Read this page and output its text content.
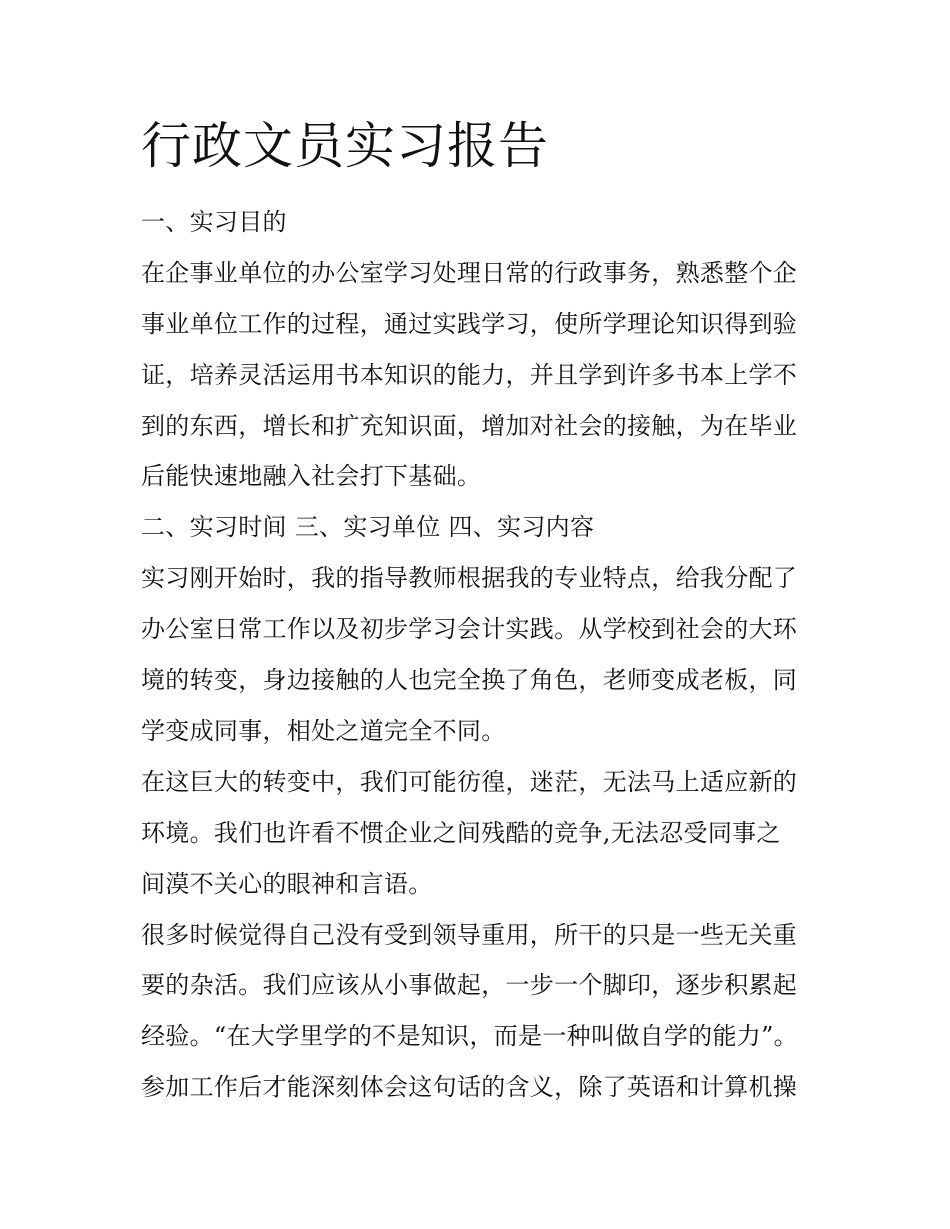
行政文员实习报告

一、实习目的

在企事业单位的办公室学习处理日常的行政事务，熟悉整个企

事业单位工作的过程，通过实践学习，使所学理论知识得到验

证，培养灵活运用书本知识的能力，并且学到许多书本上学不

到的东西，增长和扩充知识面，增加对社会的接触，为在毕业

后能快速地融入社会打下基础。

二、实习时间 三、实习单位 四、实习内容

实习刚开始时，我的指导教师根据我的专业特点，给我分配了

办公室日常工作以及初步学习会计实践。从学校到社会的大环

境的转变，身边接触的人也完全换了角色，老师变成老板，同

学变成同事，相处之道完全不同。

在这巨大的转变中，我们可能彷徨，迷茫，无法马上适应新的

环境。我们也许看不惯企业之间残酷的竞争,无法忍受同事之

间漠不关心的眼神和言语。

很多时候觉得自己没有受到领导重用，所干的只是一些无关重

要的杂活。我们应该从小事做起，一步一个脚印，逐步积累起

经验。“在大学里学的不是知识，而是一种叫做自学的能力”。

参加工作后才能深刻体会这句话的含义，除了英语和计算机操
